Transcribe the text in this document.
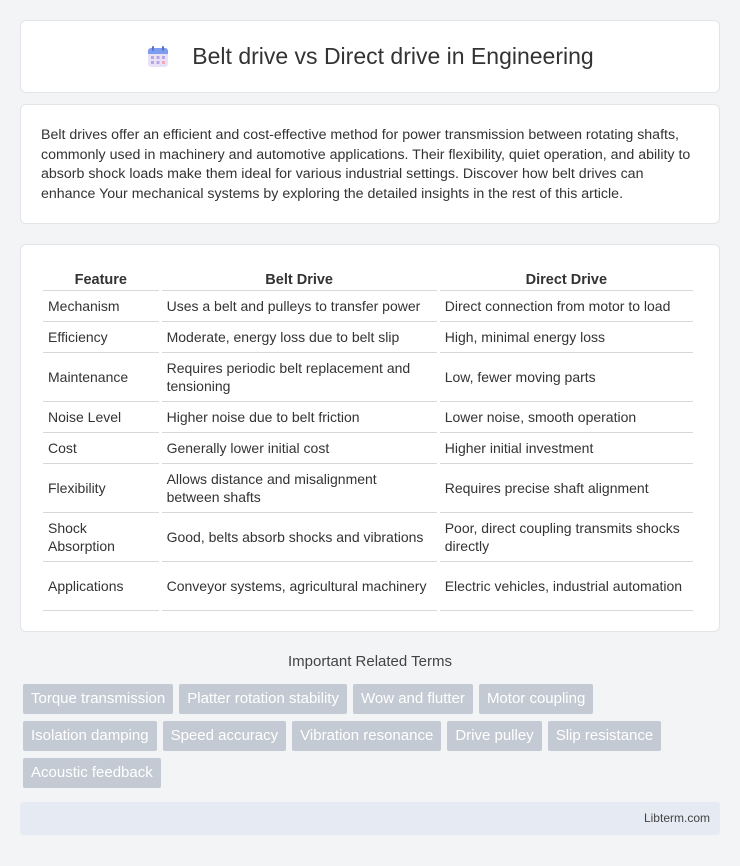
Belt drive vs Direct drive in Engineering

Belt drives offer an efficient and cost-effective method for power transmission between rotating shafts, commonly used in machinery and automotive applications. Their flexibility, quiet operation, and ability to absorb shock loads make them ideal for various industrial settings. Discover how belt drives can enhance Your mechanical systems by exploring the detailed insights in the rest of this article.

Feature	Belt Drive	Direct Drive
Mechanism	Uses a belt and pulleys to transfer power	Direct connection from motor to load
Efficiency	Moderate, energy loss due to belt slip	High, minimal energy loss
Maintenance	Requires periodic belt replacement and tensioning	Low, fewer moving parts
Noise Level	Higher noise due to belt friction	Lower noise, smooth operation
Cost	Generally lower initial cost	Higher initial investment
Flexibility	Allows distance and misalignment between shafts	Requires precise shaft alignment
Shock Absorption	Good, belts absorb shocks and vibrations	Poor, direct coupling transmits shocks directly
Applications	Conveyor systems, agricultural machinery	Electric vehicles, industrial automation
Important Related Terms
Torque transmission	Platter rotation stability	Wow and flutter	Motor coupling
Isolation damping	Speed accuracy	Vibration resonance	Drive pulley	Slip resistance
Acoustic feedback
Libterm.com
